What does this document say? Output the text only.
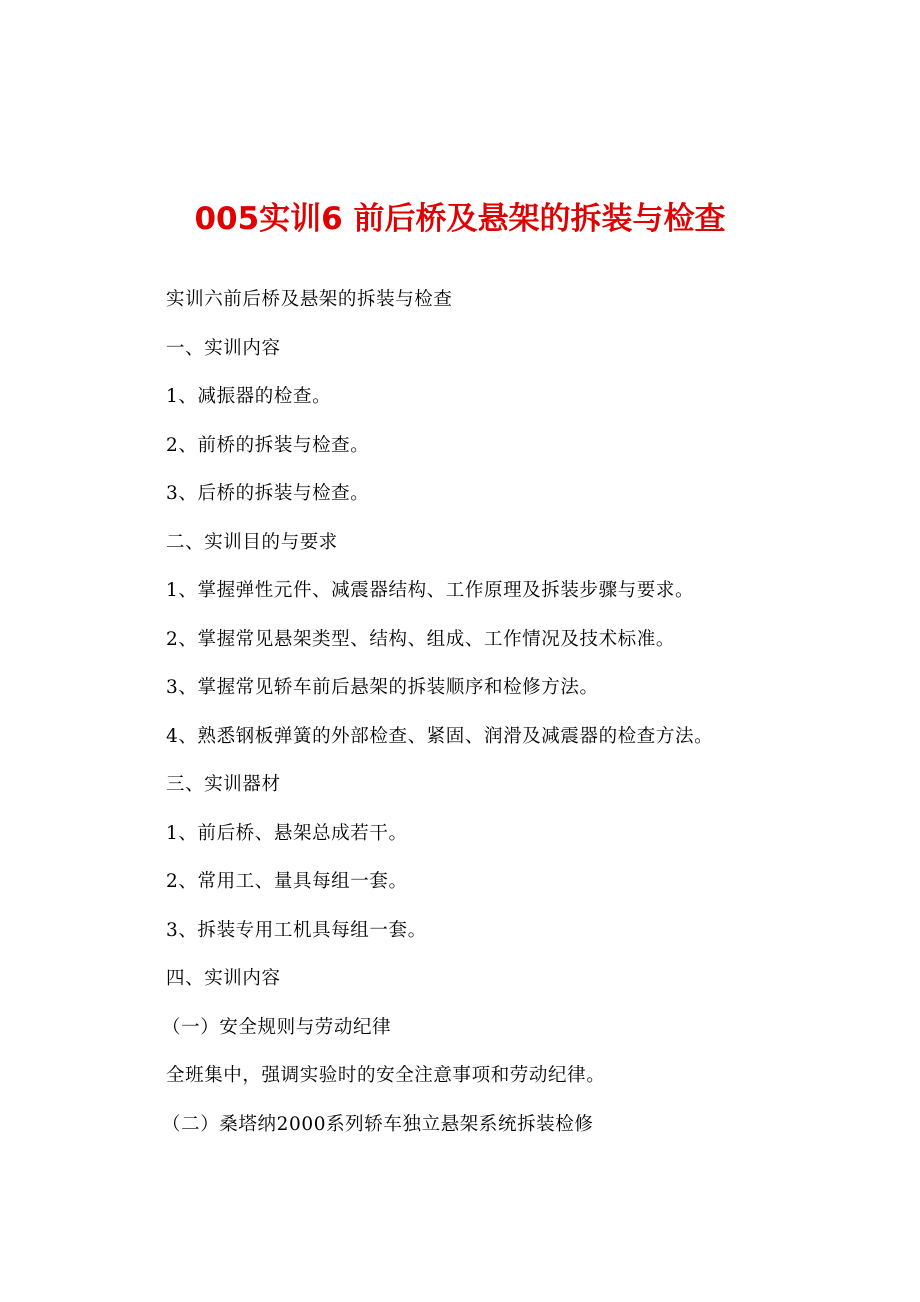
005实训6 前后桥及悬架的拆装与检查
实训六前后桥及悬架的拆装与检查
一、实训内容
1、减振器的检查。
2、前桥的拆装与检查。
3、后桥的拆装与检查。
二、实训目的与要求
1、掌握弹性元件、减震器结构、工作原理及拆装步骤与要求。
2、掌握常见悬架类型、结构、组成、工作情况及技术标准。
3、掌握常见轿车前后悬架的拆装顺序和检修方法。
4、熟悉钢板弹簧的外部检查、紧固、润滑及减震器的检查方法。
三、实训器材
1、前后桥、悬架总成若干。
2、常用工、量具每组一套。
3、拆装专用工机具每组一套。
四、实训内容
（一）安全规则与劳动纪律
全班集中，强调实验时的安全注意事项和劳动纪律。
（二）桑塔纳2000系列轿车独立悬架系统拆装检修
